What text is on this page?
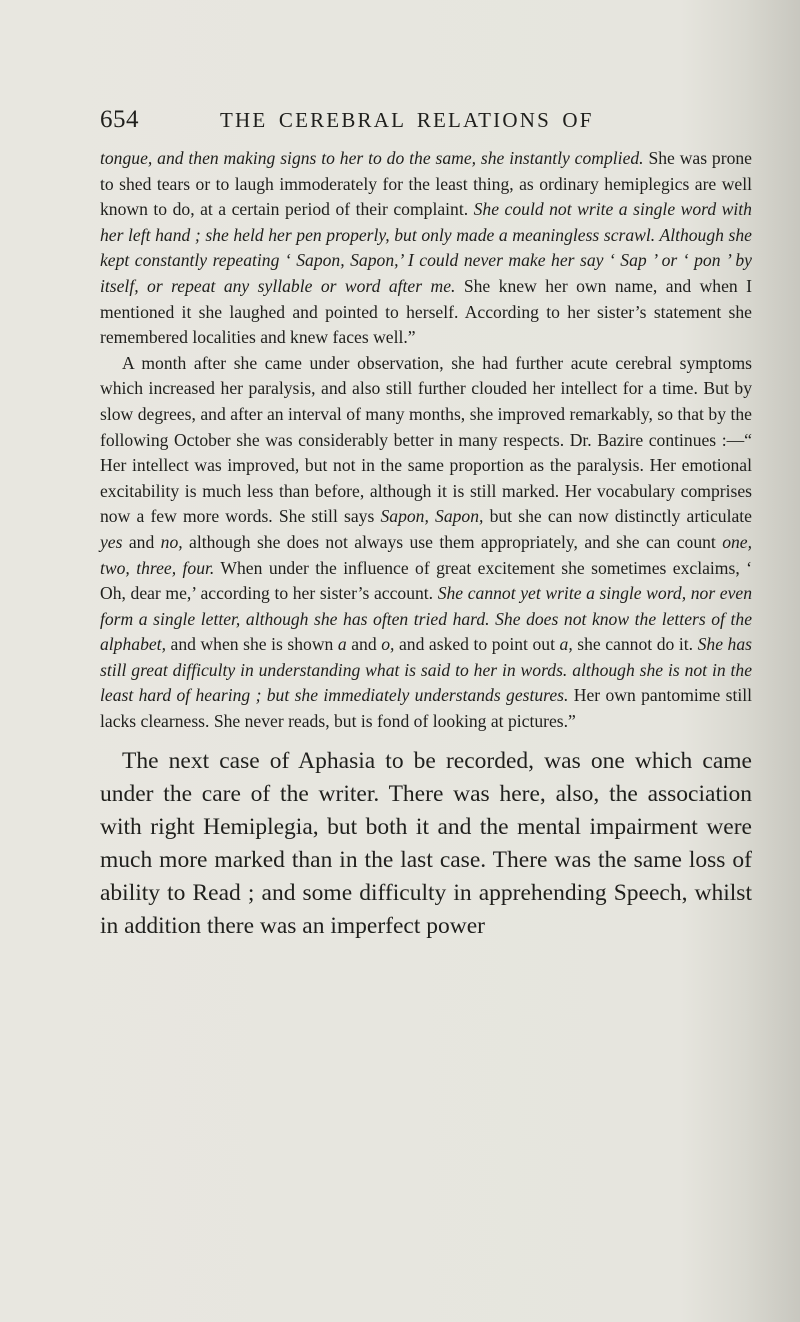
654	THE CEREBRAL RELATIONS OF

tongue, and then making signs to her to do the same, she instantly complied. She was prone to shed tears or to laugh immoderately for the least thing, as ordinary hemiplegics are well known to do, at a certain period of their complaint. She could not write a single word with her left hand ; she held her pen properly, but only made a meaningless scrawl. Although she kept constantly repeating ‘ Sapon, Sapon,’ I could never make her say ‘ Sap ’ or ‘ pon ’ by itself, or repeat any syllable or word after me. She knew her own name, and when I mentioned it she laughed and pointed to herself. According to her sister’s statement she remembered localities and knew faces well.”

A month after she came under observation, she had further acute cerebral symptoms which increased her paralysis, and also still further clouded her intellect for a time. But by slow degrees, and after an interval of many months, she improved remarkably, so that by the following October she was considerably better in many respects. Dr. Bazire continues :—“ Her intellect was improved, but not in the same proportion as the paralysis. Her emotional excitability is much less than before, although it is still marked. Her vocabulary comprises now a few more words. She still says Sapon, Sapon, but she can now distinctly articulate yes and no, although she does not always use them appropriately, and she can count one, two, three, four. When under the influence of great excitement she sometimes exclaims, ‘ Oh, dear me,’ according to her sister’s account. She cannot yet write a single word, nor even form a single letter, although she has often tried hard. She does not know the letters of the alphabet, and when she is shown a and o, and asked to point out a, she cannot do it. She has still great difficulty in understanding what is said to her in words. although she is not in the least hard of hearing ; but she immediately understands gestures. Her own pantomime still lacks clearness. She never reads, but is fond of looking at pictures.”

The next case of Aphasia to be recorded, was one which came under the care of the writer. There was here, also, the association with right Hemiplegia, but both it and the mental impairment were much more marked than in the last case. There was the same loss of ability to Read ; and some difficulty in apprehending Speech, whilst in addition there was an imperfect power
